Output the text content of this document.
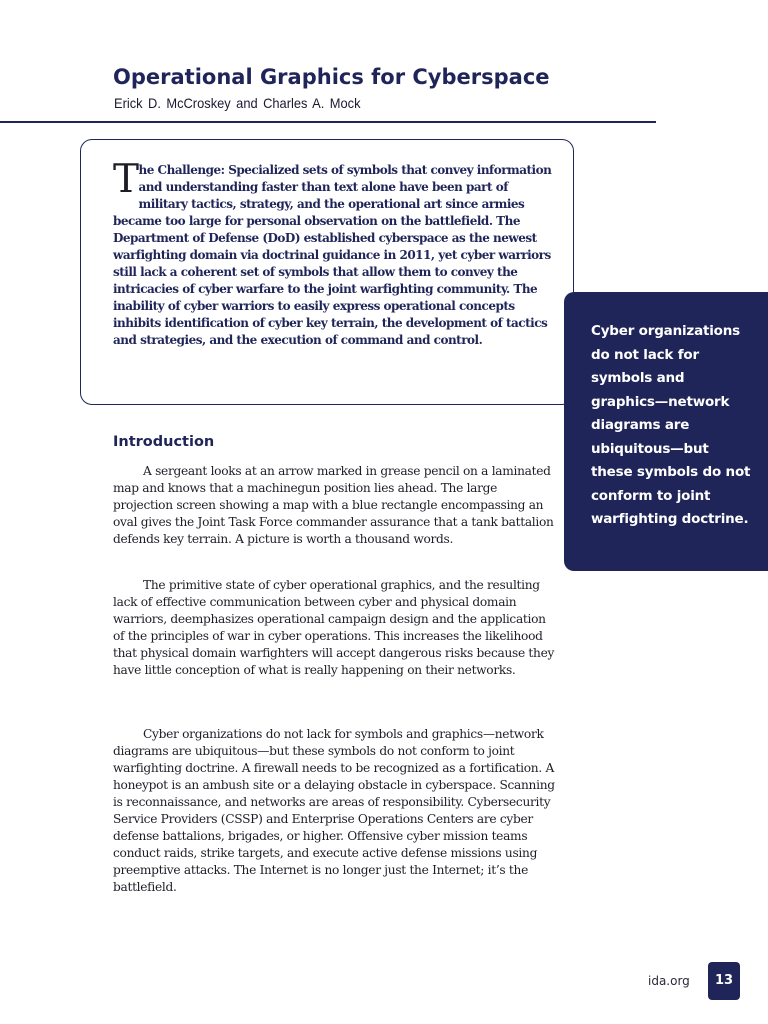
Operational Graphics for Cyberspace
Erick D. McCroskey and Charles A. Mock

The Challenge: Specialized sets of symbols that convey information and understanding faster than text alone have been part of military tactics, strategy, and the operational art since armies became too large for personal observation on the battlefield. The Department of Defense (DoD) established cyberspace as the newest warfighting domain via doctrinal guidance in 2011, yet cyber warriors still lack a coherent set of symbols that allow them to convey the intricacies of cyber warfare to the joint warfighting community. The inability of cyber warriors to easily express operational concepts inhibits identification of cyber key terrain, the development of tactics and strategies, and the execution of command and control.

Cyber organizations do not lack for symbols and graphics—network diagrams are ubiquitous—but these symbols do not conform to joint warfighting doctrine.

Introduction

A sergeant looks at an arrow marked in grease pencil on a laminated map and knows that a machinegun position lies ahead. The large projection screen showing a map with a blue rectangle encompassing an oval gives the Joint Task Force commander assurance that a tank battalion defends key terrain. A picture is worth a thousand words.

The primitive state of cyber operational graphics, and the resulting lack of effective communication between cyber and physical domain warriors, deemphasizes operational campaign design and the application of the principles of war in cyber operations. This increases the likelihood that physical domain warfighters will accept dangerous risks because they have little conception of what is really happening on their networks.

Cyber organizations do not lack for symbols and graphics—network diagrams are ubiquitous—but these symbols do not conform to joint warfighting doctrine. A firewall needs to be recognized as a fortification. A honeypot is an ambush site or a delaying obstacle in cyberspace. Scanning is reconnaissance, and networks are areas of responsibility. Cybersecurity Service Providers (CSSP) and Enterprise Operations Centers are cyber defense battalions, brigades, or higher. Offensive cyber mission teams conduct raids, strike targets, and execute active defense missions using preemptive attacks. The Internet is no longer just the Internet; it’s the battlefield.

ida.org	13
